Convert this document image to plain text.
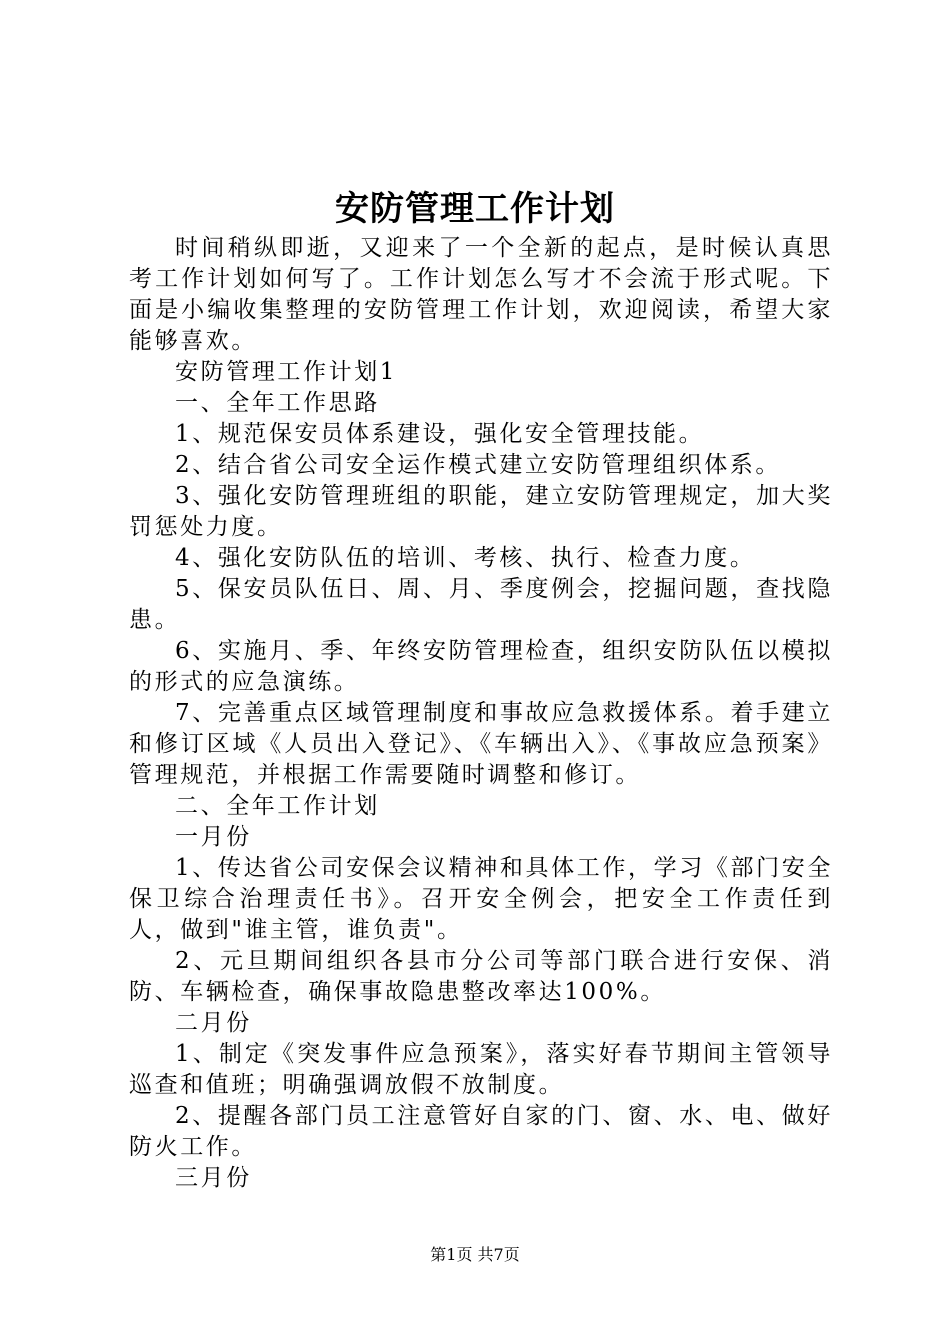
安防管理工作计划

时间稍纵即逝，又迎来了一个全新的起点，是时候认真思考工作计划如何写了。工作计划怎么写才不会流于形式呢。下面是小编收集整理的安防管理工作计划，欢迎阅读，希望大家能够喜欢。

安防管理工作计划1

一、全年工作思路

1、规范保安员体系建设，强化安全管理技能。

2、结合省公司安全运作模式建立安防管理组织体系。

3、强化安防管理班组的职能，建立安防管理规定，加大奖罚惩处力度。

4、强化安防队伍的培训、考核、执行、检查力度。

5、保安员队伍日、周、月、季度例会，挖掘问题，查找隐患。

6、实施月、季、年终安防管理检查，组织安防队伍以模拟的形式的应急演练。

7、完善重点区域管理制度和事故应急救援体系。着手建立和修订区域《人员出入登记》、《车辆出入》、《事故应急预案》管理规范，并根据工作需要随时调整和修订。

二、全年工作计划

一月份

1、传达省公司安保会议精神和具体工作，学习《部门安全保卫综合治理责任书》。召开安全例会，把安全工作责任到人，做到"谁主管，谁负责"。

2、元旦期间组织各县市分公司等部门联合进行安保、消防、车辆检查，确保事故隐患整改率达100%。

二月份

1、制定《突发事件应急预案》，落实好春节期间主管领导巡查和值班；明确强调放假不放制度。

2、提醒各部门员工注意管好自家的门、窗、水、电、做好防火工作。

三月份

第1页 共7页
